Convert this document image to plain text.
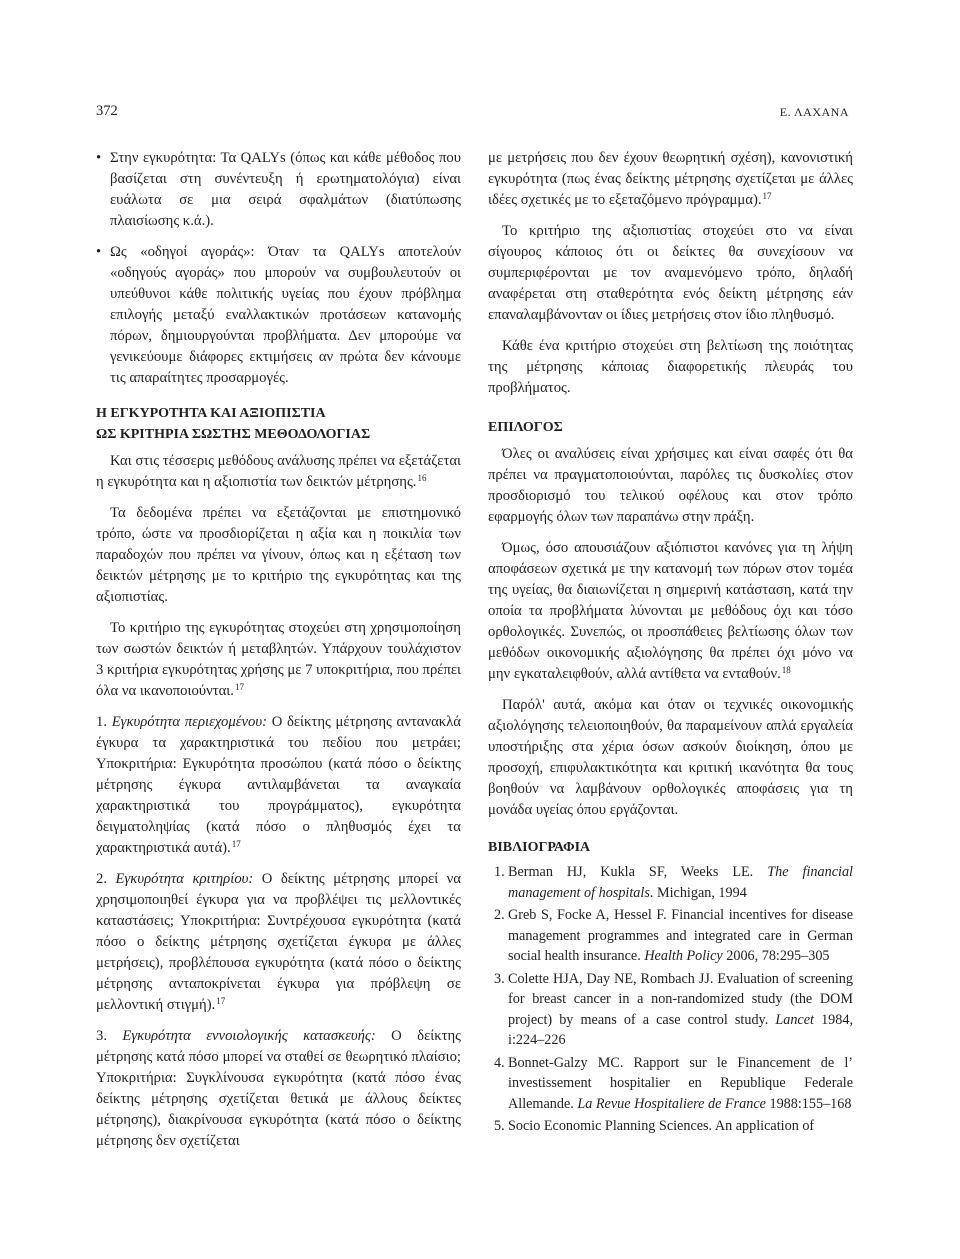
372	Ε. ΛΑΧΑΝΑ
• Στην εγκυρότητα: Τα QALYs (όπως και κάθε μέθοδος που βασίζεται στη συνέντευξη ή ερωτηματολόγια) είναι ευάλωτα σε μια σειρά σφαλμάτων (διατύπωσης πλαισίωσης κ.ά.).
• Ως «οδηγοί αγοράς»: Όταν τα QALYs αποτελούν «οδηγούς αγοράς» που μπορούν να συμβουλευτούν οι υπεύθυνοι κάθε πολιτικής υγείας που έχουν πρόβλημα επιλογής μεταξύ εναλλακτικών προτάσεων κατανομής πόρων, δημιουργούνται προβλήματα. Δεν μπορούμε να γενικεύουμε διάφορες εκτιμήσεις αν πρώτα δεν κάνουμε τις απαραίτητες προσαρμογές.
Η ΕΓΚΥΡΟΤΗΤΑ ΚΑΙ ΑΞΙΟΠΙΣΤΙΑ
ΩΣ ΚΡΙΤΗΡΙΑ ΣΩΣΤΗΣ ΜΕΘΟΔΟΛΟΓΙΑΣ

Και στις τέσσερις μεθόδους ανάλυσης πρέπει να εξετάζεται η εγκυρότητα και η αξιοπιστία των δεικτών μέτρησης.$^{16}$

Τα δεδομένα πρέπει να εξετάζονται με επιστημονικό τρόπο, ώστε να προσδιορίζεται η αξία και η ποικιλία των παραδοχών που πρέπει να γίνουν, όπως και η εξέταση των δεικτών μέτρησης με το κριτήριο της εγκυρότητας και της αξιοπιστίας.

Το κριτήριο της εγκυρότητας στοχεύει στη χρησιμοποίηση των σωστών δεικτών ή μεταβλητών. Υπάρχουν τουλάχιστον 3 κριτήρια εγκυρότητας χρήσης με 7 υποκριτήρια, που πρέπει όλα να ικανοποιούνται.$^{17}$

1. Εγκυρότητα περιεχομένου: Ο δείκτης μέτρησης αντανακλά έγκυρα τα χαρακτηριστικά του πεδίου που μετράει; Υποκριτήρια: Εγκυρότητα προσώπου (κατά πόσο ο δείκτης μέτρησης έγκυρα αντιλαμβάνεται τα αναγκαία χαρακτηριστικά του προγράμματος), εγκυρότητα δειγματοληψίας (κατά πόσο ο πληθυσμός έχει τα χαρακτηριστικά αυτά).$^{17}$

2. Εγκυρότητα κριτηρίου: Ο δείκτης μέτρησης μπορεί να χρησιμοποιηθεί έγκυρα για να προβλέψει τις μελλοντικές καταστάσεις; Υποκριτήρια: Συντρέχουσα εγκυρότητα (κατά πόσο ο δείκτης μέτρησης σχετίζεται έγκυρα με άλλες μετρήσεις), προβλέπουσα εγκυρότητα (κατά πόσο ο δείκτης μέτρησης ανταποκρίνεται έγκυρα για πρόβλεψη σε μελλοντική στιγμή).$^{17}$

3. Εγκυρότητα εννοιολογικής κατασκευής: Ο δείκτης μέτρησης κατά πόσο μπορεί να σταθεί σε θεωρητικό πλαίσιο; Υποκριτήρια: Συγκλίνουσα εγκυρότητα (κατά πόσο ένας δείκτης μέτρησης σχετίζεται θετικά με άλλους δείκτες μέτρησης), διακρίνουσα εγκυρότητα (κατά πόσο ο δείκτης μέτρησης δεν σχετίζεται

με μετρήσεις που δεν έχουν θεωρητική σχέση), κανονιστική εγκυρότητα (πως ένας δείκτης μέτρησης σχετίζεται με άλλες ιδέες σχετικές με το εξεταζόμενο πρόγραμμα).$^{17}$

Το κριτήριο της αξιοπιστίας στοχεύει στο να είναι σίγουρος κάποιος ότι οι δείκτες θα συνεχίσουν να συμπεριφέρονται με τον αναμενόμενο τρόπο, δηλαδή αναφέρεται στη σταθερότητα ενός δείκτη μέτρησης εάν επαναλαμβάνονταν οι ίδιες μετρήσεις στον ίδιο πληθυσμό.

Κάθε ένα κριτήριο στοχεύει στη βελτίωση της ποιότητας της μέτρησης κάποιας διαφορετικής πλευράς του προβλήματος.

ΕΠΙΛΟΓΟΣ

Όλες οι αναλύσεις είναι χρήσιμες και είναι σαφές ότι θα πρέπει να πραγματοποιούνται, παρόλες τις δυσκολίες στον προσδιορισμό του τελικού οφέλους και στον τρόπο εφαρμογής όλων των παραπάνω στην πράξη.

Όμως, όσο απουσιάζουν αξιόπιστοι κανόνες για τη λήψη αποφάσεων σχετικά με την κατανομή των πόρων στον τομέα της υγείας, θα διαιωνίζεται η σημερινή κατάσταση, κατά την οποία τα προβλήματα λύνονται με μεθόδους όχι και τόσο ορθολογικές. Συνεπώς, οι προσπάθειες βελτίωσης όλων των μεθόδων οικονομικής αξιολόγησης θα πρέπει όχι μόνο να μην εγκαταλειφθούν, αλλά αντίθετα να ενταθούν.$^{18}$

Παρόλ' αυτά, ακόμα και όταν οι τεχνικές οικονομικής αξιολόγησης τελειοποιηθούν, θα παραμείνουν απλά εργαλεία υποστήριξης στα χέρια όσων ασκούν διοίκηση, όπου με προσοχή, επιφυλακτικότητα και κριτική ικανότητα θα τους βοηθούν να λαμβάνουν ορθολογικές αποφάσεις για τη μονάδα υγείας όπου εργάζονται.

ΒΙΒΛΙΟΓΡΑΦΙΑ
1. Berman HJ, Kukla SF, Weeks LE. The financial management of hospitals. Michigan, 1994
2. Greb S, Focke A, Hessel F. Financial incentives for disease management programmes and integrated care in German social health insurance. Health Policy 2006, 78:295–305
3. Colette HJA, Day NE, Rombach JJ. Evaluation of screening for breast cancer in a non-randomized study (the DOM project) by means of a case control study. Lancet 1984, i:224–226
4. Bonnet-Galzy MC. Rapport sur le Financement de l’ investissement hospitalier en Republique Federale Allemande. La Revue Hospitaliere de France 1988:155–168
5. Socio Economic Planning Sciences. An application of
